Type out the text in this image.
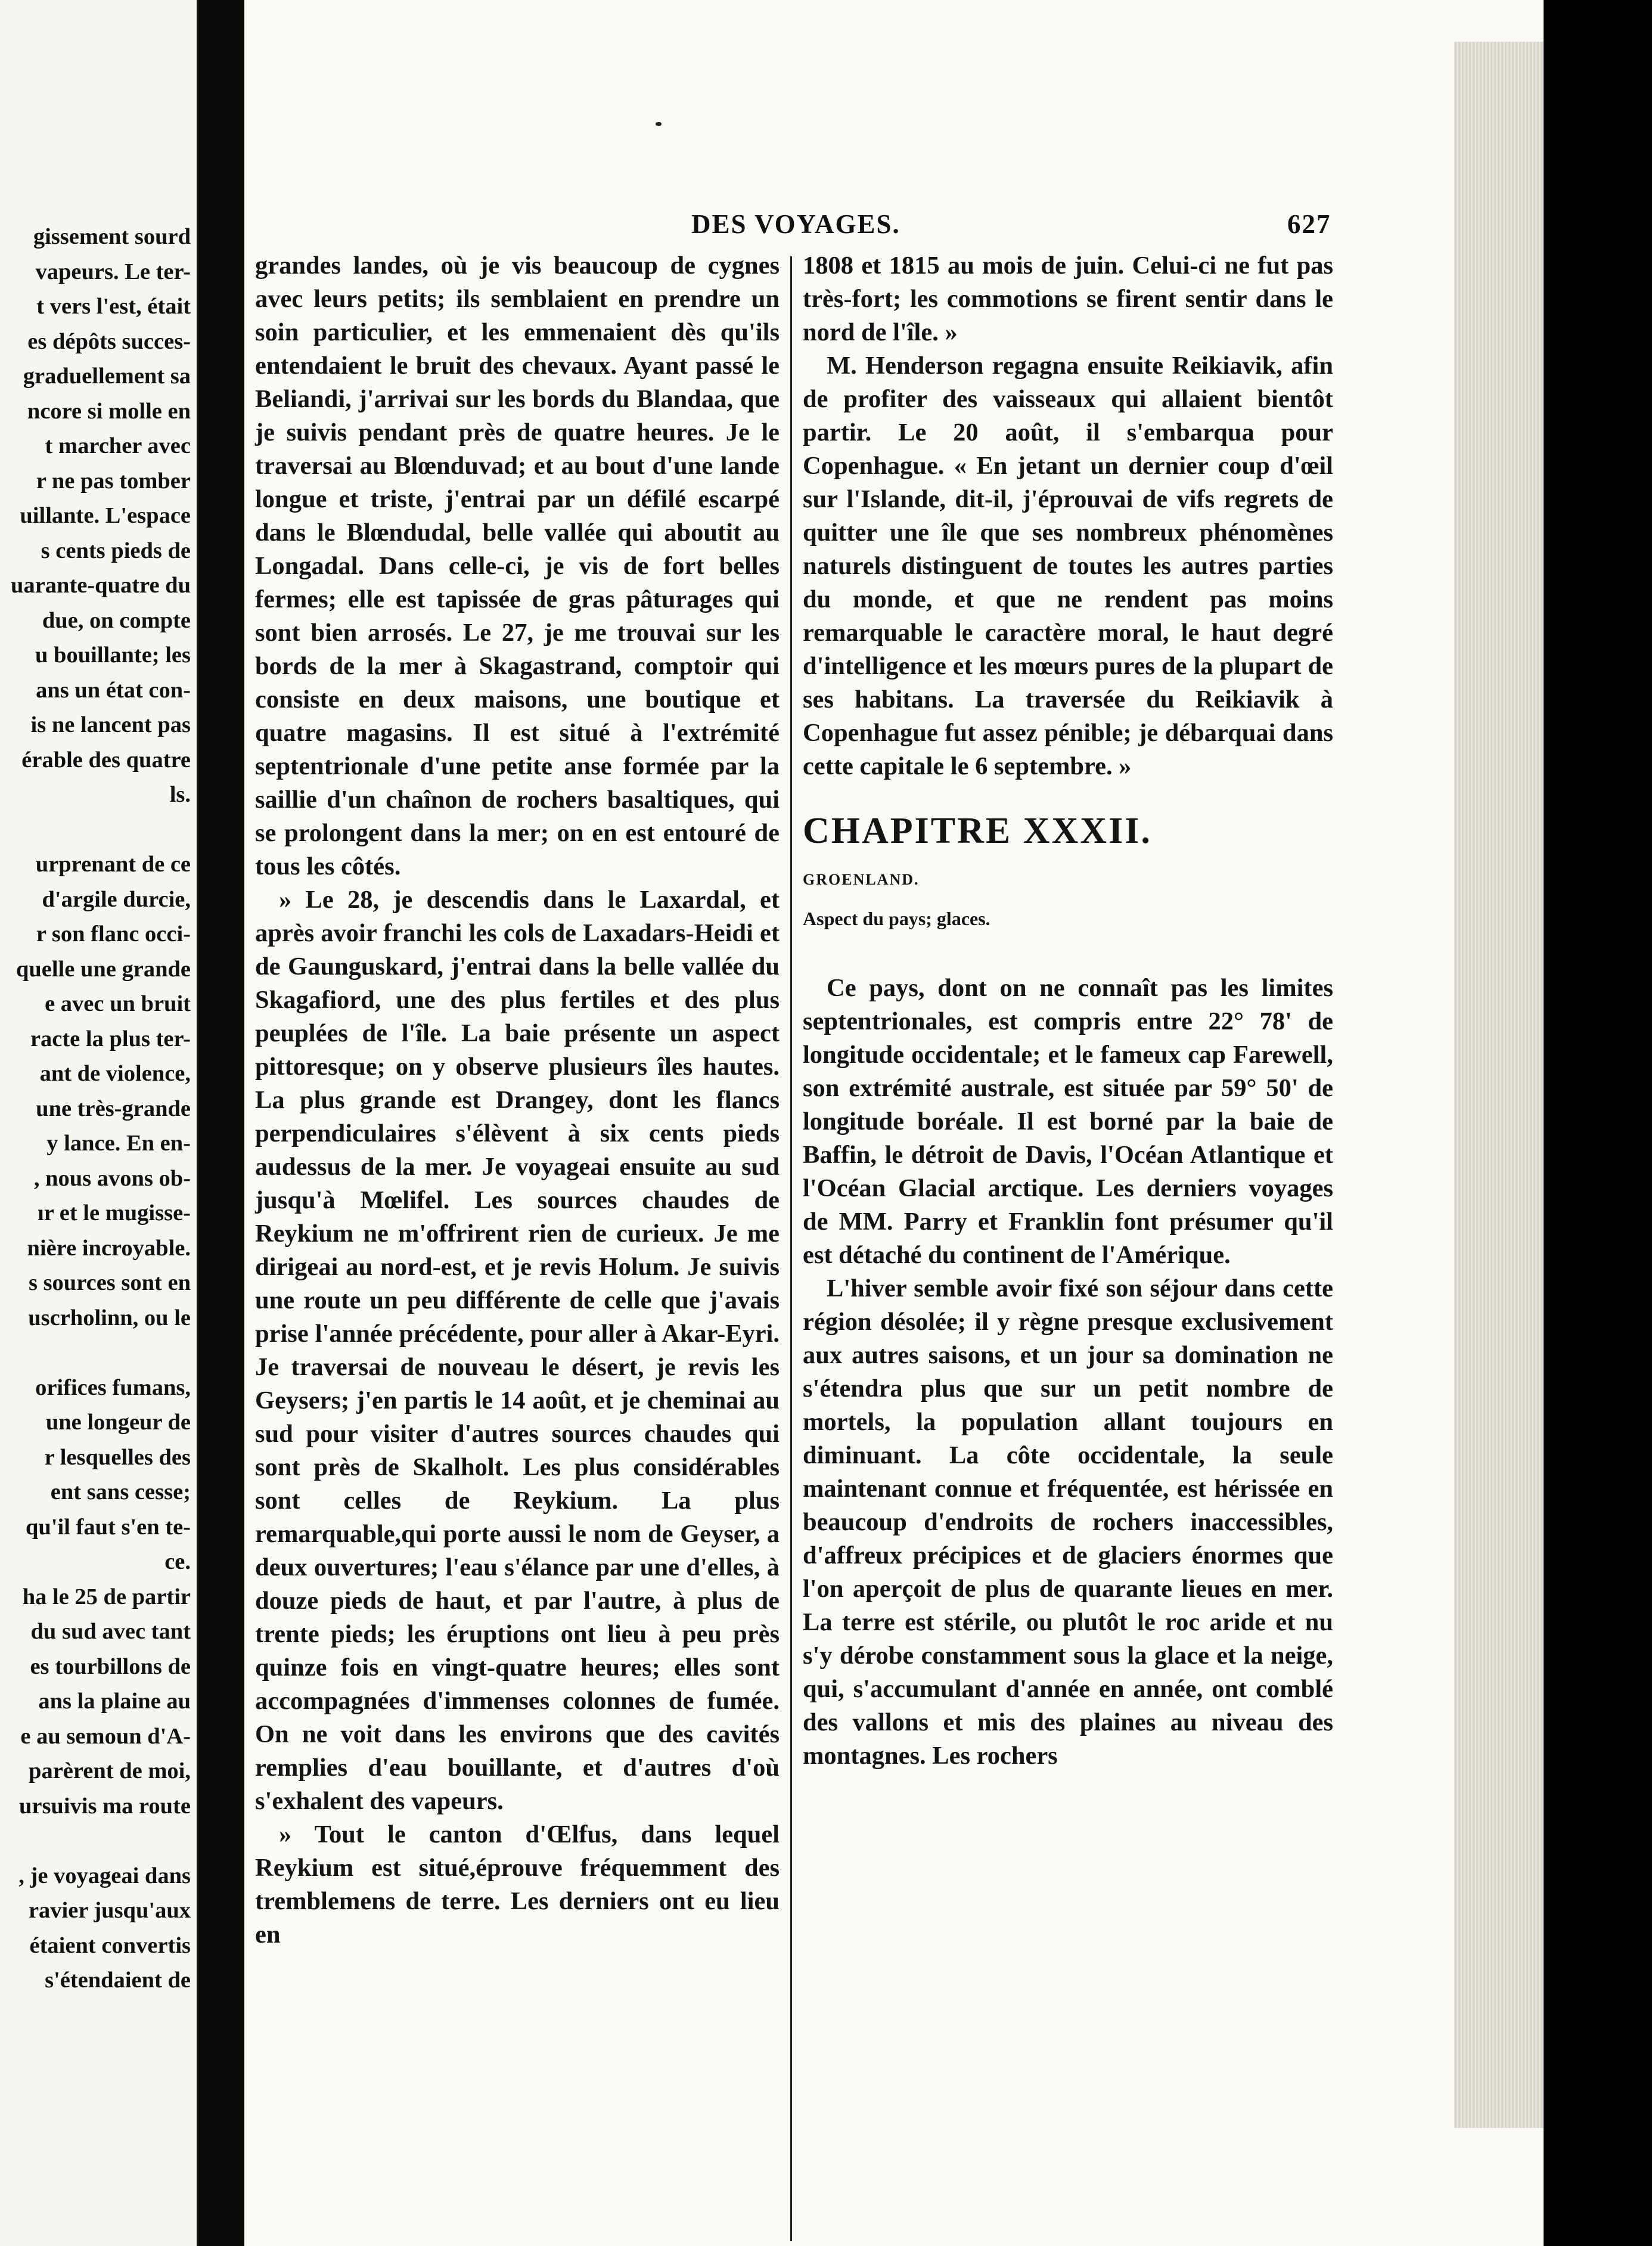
gissement sourd
vapeurs. Le ter-
t vers l'est, était
es dépôts succes-
graduellement sa
ncore si molle en
t marcher avec
r ne pas tomber
uillante. L'espace
s cents pieds de
uarante-quatre du
due, on compte
u bouillante; les
ans un état con-
is ne lancent pas
érable des quatre
ls.

urprenant de ce
d'argile durcie,
r son flanc occi-
quelle une grande
e avec un bruit
racte la plus ter-
ant de violence,
une très-grande
y lance. En en-
, nous avons ob-
ır et le mugisse-
nière incroyable.
s sources sont en
uscrholinn, ou le

orifices fumans,
une longeur de
r lesquelles des
ent sans cesse;
qu'il faut s'en te-
ce.
ha le 25 de partir
du sud avec tant
es tourbillons de
ans la plaine au
e au semoun d'A-
parèrent de moi,
ursuivis ma route

, je voyageai dans
ravier jusqu'aux
étaient convertis
s'étendaient de
DES VOYAGES.	627

grandes landes, où je vis beaucoup de cygnes avec leurs petits; ils semblaient en prendre un soin particulier, et les emmenaient dès qu'ils entendaient le bruit des chevaux. Ayant passé le Beliandi, j'arrivai sur les bords du Blandaa, que je suivis pendant près de quatre heures. Je le traversai au Blœnduvad; et au bout d'une lande longue et triste, j'entrai par un défilé escarpé dans le Blœndudal, belle vallée qui aboutit au Longadal. Dans celle-ci, je vis de fort belles fermes; elle est tapissée de gras pâturages qui sont bien arrosés. Le 27, je me trouvai sur les bords de la mer à Skagastrand, comptoir qui consiste en deux maisons, une boutique et quatre magasins. Il est situé à l'extrémité septentrionale d'une petite anse formée par la saillie d'un chaînon de rochers basaltiques, qui se prolongent dans la mer; on en est entouré de tous les côtés.

» Le 28, je descendis dans le Laxardal, et après avoir franchi les cols de Laxadars-Heidi et de Gaunguskard, j'entrai dans la belle vallée du Skagafiord, une des plus fertiles et des plus peuplées de l'île. La baie présente un aspect pittoresque; on y observe plusieurs îles hautes. La plus grande est Drangey, dont les flancs perpendiculaires s'élèvent à six cents pieds audessus de la mer. Je voyageai ensuite au sud jusqu'à Mœlifel. Les sources chaudes de Reykium ne m'offrirent rien de curieux. Je me dirigeai au nord-est, et je revis Holum. Je suivis une route un peu différente de celle que j'avais prise l'année précédente, pour aller à Akar-Eyri. Je traversai de nouveau le désert, je revis les Geysers; j'en partis le 14 août, et je cheminai au sud pour visiter d'autres sources chaudes qui sont près de Skalholt. Les plus considérables sont celles de Reykium. La plus remarquable,qui porte aussi le nom de Geyser, a deux ouvertures; l'eau s'élance par une d'elles, à douze pieds de haut, et par l'autre, à plus de trente pieds; les éruptions ont lieu à peu près quinze fois en vingt-quatre heures; elles sont accompagnées d'immenses colonnes de fumée. On ne voit dans les environs que des cavités remplies d'eau bouillante, et d'autres d'où s'exhalent des vapeurs.

» Tout le canton d'Œlfus, dans lequel Reykium est situé,éprouve fréquemment des tremblemens de terre. Les derniers ont eu lieu en

1808 et 1815 au mois de juin. Celui-ci ne fut pas très-fort; les commotions se firent sentir dans le nord de l'île. »

M. Henderson regagna ensuite Reikiavik, afin de profiter des vaisseaux qui allaient bientôt partir. Le 20 août, il s'embarqua pour Copenhague. « En jetant un dernier coup d'œil sur l'Islande, dit-il, j'éprouvai de vifs regrets de quitter une île que ses nombreux phénomènes naturels distinguent de toutes les autres parties du monde, et que ne rendent pas moins remarquable le caractère moral, le haut degré d'intelligence et les mœurs pures de la plupart de ses habitans. La traversée du Reikiavik à Copenhague fut assez pénible; je débarquai dans cette capitale le 6 septembre. »

CHAPITRE XXXII.

GROENLAND.

Aspect du pays; glaces.

Ce pays, dont on ne connaît pas les limites septentrionales, est compris entre 22° 78' de longitude occidentale; et le fameux cap Farewell, son extrémité australe, est située par 59° 50' de longitude boréale. Il est borné par la baie de Baffin, le détroit de Davis, l'Océan Atlantique et l'Océan Glacial arctique. Les derniers voyages de MM. Parry et Franklin font présumer qu'il est détaché du continent de l'Amérique.

L'hiver semble avoir fixé son séjour dans cette région désolée; il y règne presque exclusivement aux autres saisons, et un jour sa domination ne s'étendra plus que sur un petit nombre de mortels, la population allant toujours en diminuant. La côte occidentale, la seule maintenant connue et fréquentée, est hérissée en beaucoup d'endroits de rochers inaccessibles, d'affreux précipices et de glaciers énormes que l'on aperçoit de plus de quarante lieues en mer. La terre est stérile, ou plutôt le roc aride et nu s'y dérobe constamment sous la glace et la neige, qui, s'accumulant d'année en année, ont comblé des vallons et mis des plaines au niveau des montagnes. Les rochers
